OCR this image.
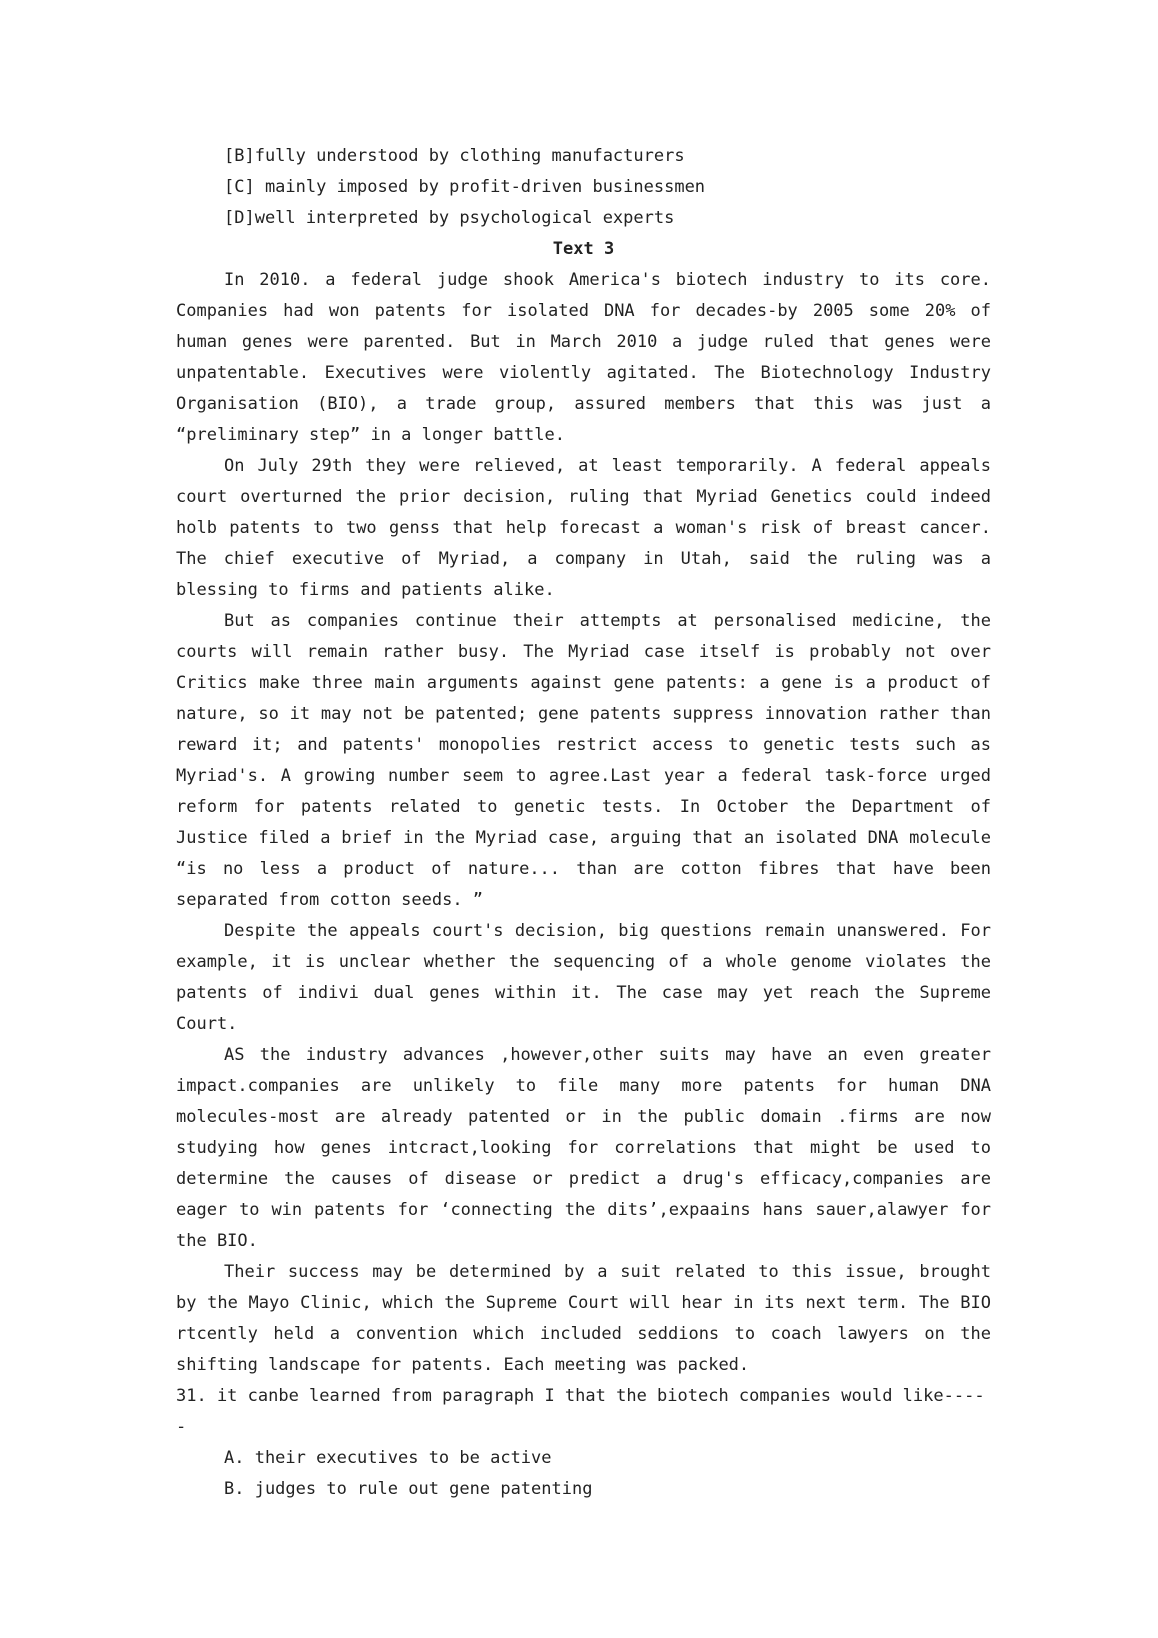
[B]fully understood by clothing manufacturers

[C] mainly imposed by profit-driven businessmen

[D]well interpreted by psychological experts

Text 3

In 2010. a federal judge shook America's biotech industry to its core. Companies had won patents for isolated DNA for decades-by 2005 some 20% of human genes were parented. But in March 2010 a judge ruled that genes were unpatentable. Executives were violently agitated. The Biotechnology Industry Organisation (BIO), a trade group, assured members that this was just a “preliminary step” in a longer battle.

On July 29th they were relieved, at least temporarily. A federal appeals court overturned the prior decision, ruling that Myriad Genetics could indeed holb patents to two genss that help forecast a woman's risk of breast cancer. The chief executive of Myriad, a company in Utah, said the ruling was a blessing to firms and patients alike.

But as companies continue their attempts at personalised medicine, the courts will remain rather busy. The Myriad case itself is probably not over Critics make three main arguments against gene patents: a gene is a product of nature, so it may not be patented; gene patents suppress innovation rather than reward it; and patents' monopolies restrict access to genetic tests such as Myriad's. A growing number seem to agree.Last year a federal task-force urged reform for patents related to genetic tests. In October the Department of Justice filed a brief in the Myriad case, arguing that an isolated DNA molecule “is no less a product of nature... than are cotton fibres that have been separated from cotton seeds. ”

Despite the appeals court's decision, big questions remain unanswered. For example, it is unclear whether the sequencing of a whole genome violates the patents of indivi dual genes within it. The case may yet reach the Supreme Court.

AS the industry advances ,however,other suits may have an even greater impact.companies are unlikely to file many more patents for human DNA molecules-most are already patented or in the public domain .firms are now studying how genes intcract,looking for correlations that might be used to determine the causes of disease or predict a drug's efficacy,companies are eager to win patents for ‘connecting the dits’,expaains hans sauer,alawyer for the BIO.

Their success may be determined by a suit related to this issue, brought by the Mayo Clinic, which the Supreme Court will hear in its next term. The BIO rtcently held a convention which included seddions to coach lawyers on the shifting landscape for patents. Each meeting was packed.

31. it canbe learned from paragraph I that the biotech companies would like-----

A. their executives to be active

B. judges to rule out gene patenting
